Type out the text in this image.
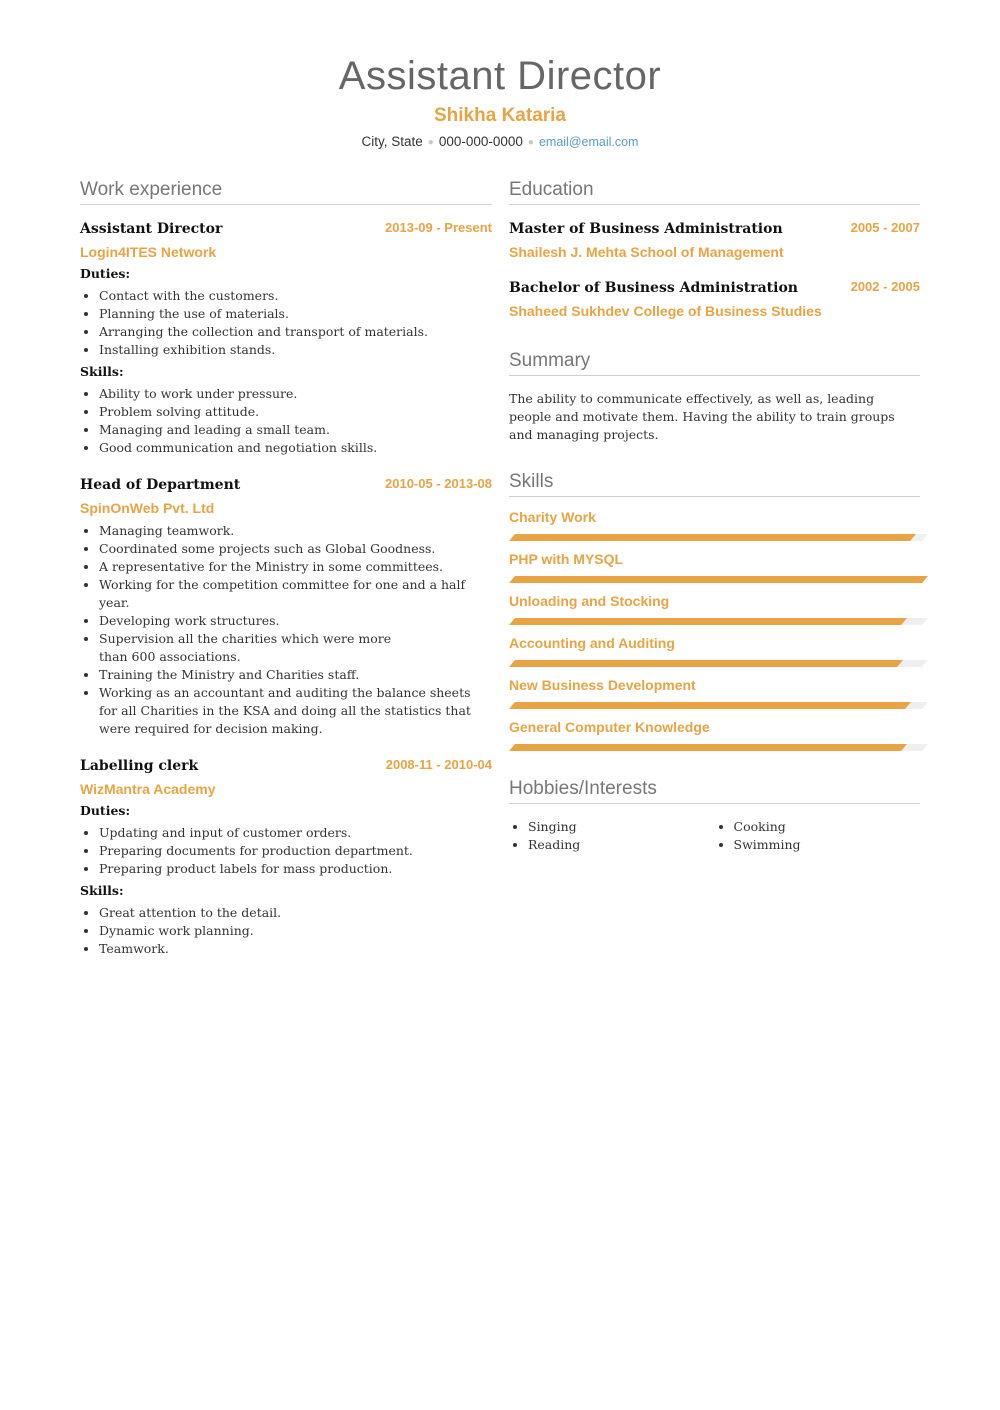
Assistant Director
Shikha Kataria
City, State ● 000-000-0000 ● email@email.com
Work experience
Assistant Director	2013-09 - Present
Login4ITES Network
Duties:
• Contact with the customers.
• Planning the use of materials.
• Arranging the collection and transport of materials.
• Installing exhibition stands.
Skills:
• Ability to work under pressure.
• Problem solving attitude.
• Managing and leading a small team.
• Good communication and negotiation skills.
Head of Department	2010-05 - 2013-08
SpinOnWeb Pvt. Ltd
• Managing teamwork.
• Coordinated some projects such as Global Goodness.
• A representative for the Ministry in some committees.
• Working for the competition committee for one and a half year.
• Developing work structures.
• Supervision all the charities which were more than 600 associations.
• Training the Ministry and Charities staff.
• Working as an accountant and auditing the balance sheets for all Charities in the KSA and doing all the statistics that were required for decision making.
Labelling clerk	2008-11 - 2010-04
WizMantra Academy
Duties:
• Updating and input of customer orders.
• Preparing documents for production department.
• Preparing product labels for mass production.
Skills:
• Great attention to the detail.
• Dynamic work planning.
• Teamwork.
Education
Master of Business Administration	2005 - 2007
Shailesh J. Mehta School of Management
Bachelor of Business Administration	2002 - 2005
Shaheed Sukhdev College of Business Studies
Summary

The ability to communicate effectively, as well as, leading people and motivate them. Having the ability to train groups and managing projects.

Skills
Charity Work
PHP with MYSQL
Unloading and Stocking
Accounting and Auditing
New Business Development
General Computer Knowledge
Hobbies/Interests
• Singing
• Reading
• Cooking
• Swimming
